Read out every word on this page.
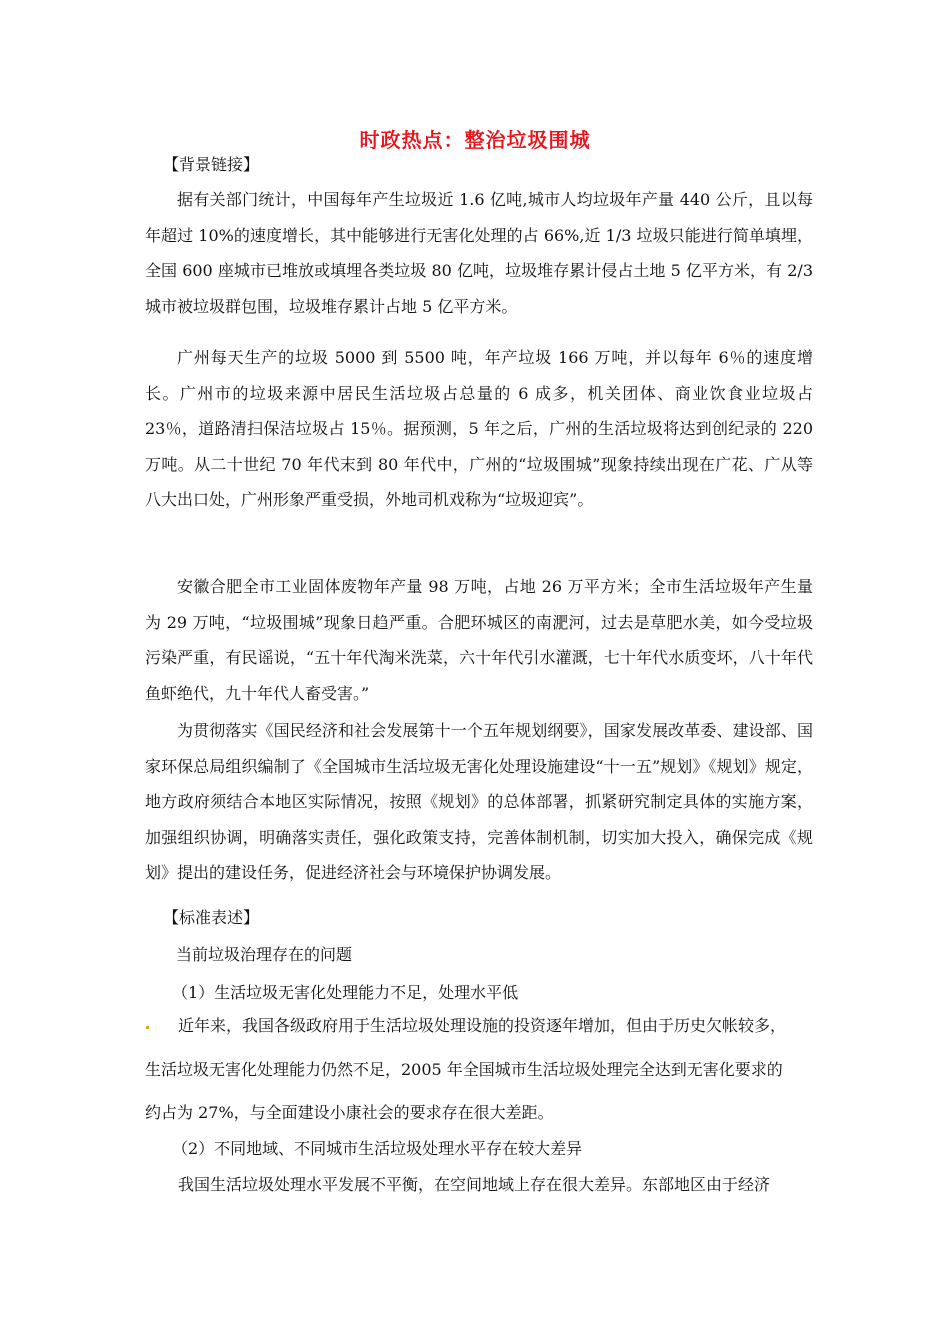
时政热点：整治垃圾围城
【背景链接】

据有关部门统计，中国每年产生垃圾近 1.6 亿吨,城市人均垃圾年产量 440 公斤，且以每年超过 10%的速度增长，其中能够进行无害化处理的占 66%,近 1/3 垃圾只能进行简单填埋，全国 600 座城市已堆放或填埋各类垃圾 80 亿吨，垃圾堆存累计侵占土地 5 亿平方米，有 2/3 城市被垃圾群包围，垃圾堆存累计占地 5 亿平方米。

广州每天生产的垃圾 5000 到 5500 吨，年产垃圾 166 万吨，并以每年 6％的速度增长。广州市的垃圾来源中居民生活垃圾占总量的 6 成多，机关团体、商业饮食业垃圾占 23％，道路清扫保洁垃圾占 15％。据预测，5 年之后，广州的生活垃圾将达到创纪录的 220 万吨。从二十世纪 70 年代末到 80 年代中，广州的“垃圾围城”现象持续出现在广花、广从等八大出口处，广州形象严重受损，外地司机戏称为“垃圾迎宾”。

安徽合肥全市工业固体废物年产量 98 万吨，占地 26 万平方米；全市生活垃圾年产生量为 29 万吨，“垃圾围城”现象日趋严重。合肥环城区的南淝河，过去是草肥水美，如今受垃圾污染严重，有民谣说，“五十年代淘米洗菜，六十年代引水灌溉，七十年代水质变坏，八十年代鱼虾绝代，九十年代人畜受害。”

为贯彻落实《国民经济和社会发展第十一个五年规划纲要》，国家发展改革委、建设部、国家环保总局组织编制了《全国城市生活垃圾无害化处理设施建设“十一五”规划》《规划》规定，地方政府须结合本地区实际情况，按照《规划》的总体部署，抓紧研究制定具体的实施方案，加强组织协调，明确落实责任，强化政策支持，完善体制机制，切实加大投入，确保完成《规划》提出的建设任务，促进经济社会与环境保护协调发展。

【标准表述】
当前垃圾治理存在的问题
（1）生活垃圾无害化处理能力不足，处理水平低
近年来，我国各级政府用于生活垃圾处理设施的投资逐年增加，但由于历史欠帐较多，
生活垃圾无害化处理能力仍然不足，2005 年全国城市生活垃圾处理完全达到无害化要求的
约占为 27%，与全面建设小康社会的要求存在很大差距。
（2）不同地域、不同城市生活垃圾处理水平存在较大差异
我国生活垃圾处理水平发展不平衡，在空间地域上存在很大差异。东部地区由于经济
